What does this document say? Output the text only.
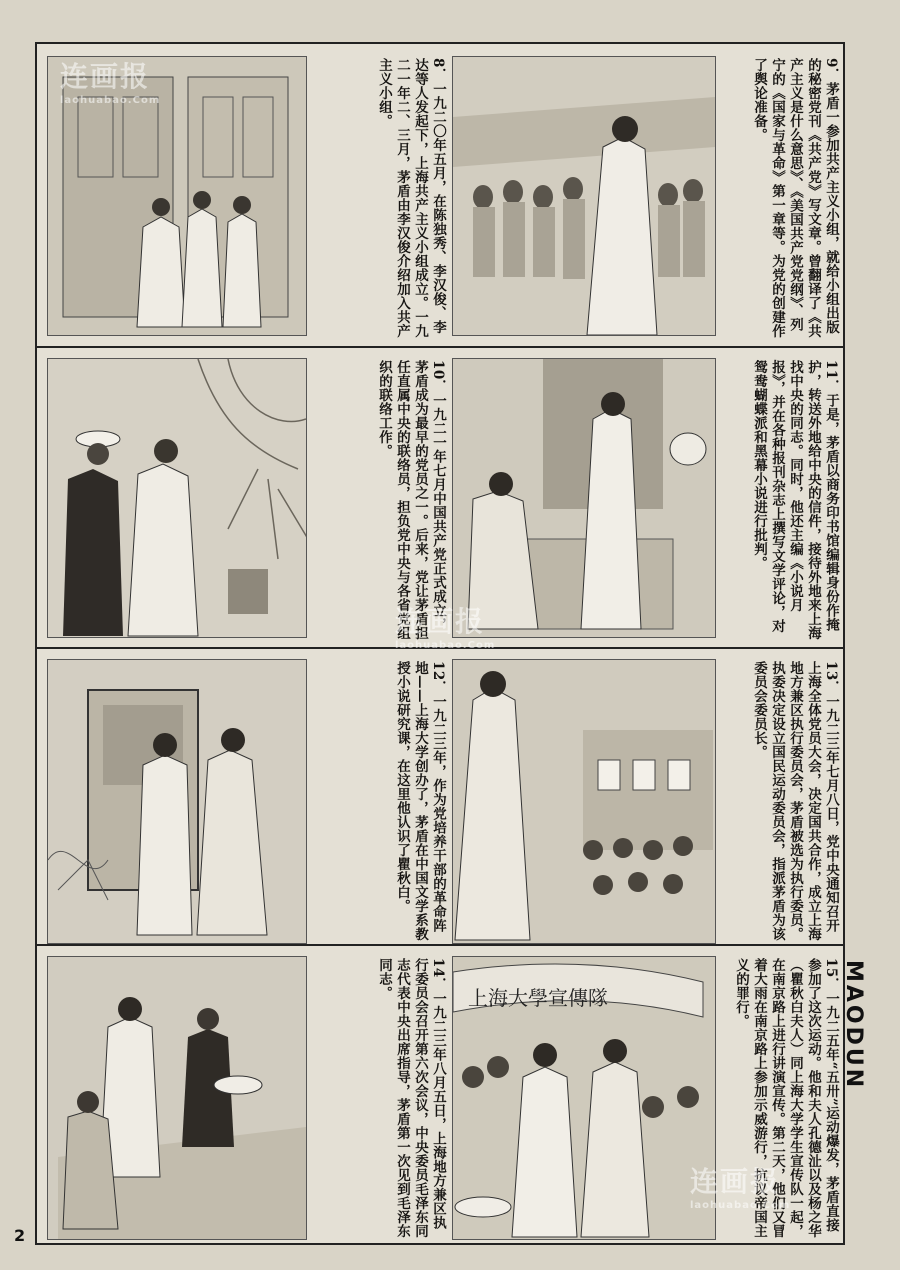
8．一九二〇年五月，在陈独秀、李汉俊、李达等人发起下，上海共产主义小组成立。一九二一年二、三月，茅盾由李汉俊介绍加入共产主义小组。	9．茅盾一参加共产主义小组，就给小组出版的秘密党刊《共产党》写文章。曾翻译了《共产主义是什么意思》、《美国共产党党纲》、列宁的《国家与革命》第一章等。为党的创建作了舆论准备。
10．一九二一年七月中国共产党正式成立，茅盾成为最早的党员之一。后来，党让茅盾担任直属中央的联络员，担负党中央与各省党组织的联络工作。	11．于是，茅盾以商务印书馆编辑身份作掩护，转送外地给中央的信件，接待外地来上海找中央的同志。同时，他还主编《小说月报》，并在各种报刊杂志上撰写文学评论，对鸳鸯蝴蝶派和黑幕小说进行批判。
12．一九二三年，作为党培养干部的革命阵地——上海大学创办了，茅盾在中国文学系教授小说研究课，在这里他认识了瞿秋白。	13．一九二三年七月八日，党中央通知召开上海全体党员大会，决定国共合作，成立上海地方兼区执行委员会，茅盾被选为执行委员。执委决定设立国民运动委员会，指派茅盾为该委员会委员长。
14．一九二三年八月五日，上海地方兼区执行委员会召开第六次会议，中央委员毛泽东同志代表中央出席指导，茅盾第一次见到毛泽东同志。	上海大學宣傳隊	15．一九二五年“五卅”运动爆发，茅盾直接参加了这次运动。他和夫人孔德沚以及杨之华（瞿秋白夫人）同上海大学学生宣传队一起，在南京路上进行讲演宣传。第二天，他们又冒着大雨在南京路上参加示威游行，抗议帝国主义的罪行。	MAODUN
2
连画报
laohuabao.Com
连画报
laohuabao.Com
连画报
laohuabao.Com
